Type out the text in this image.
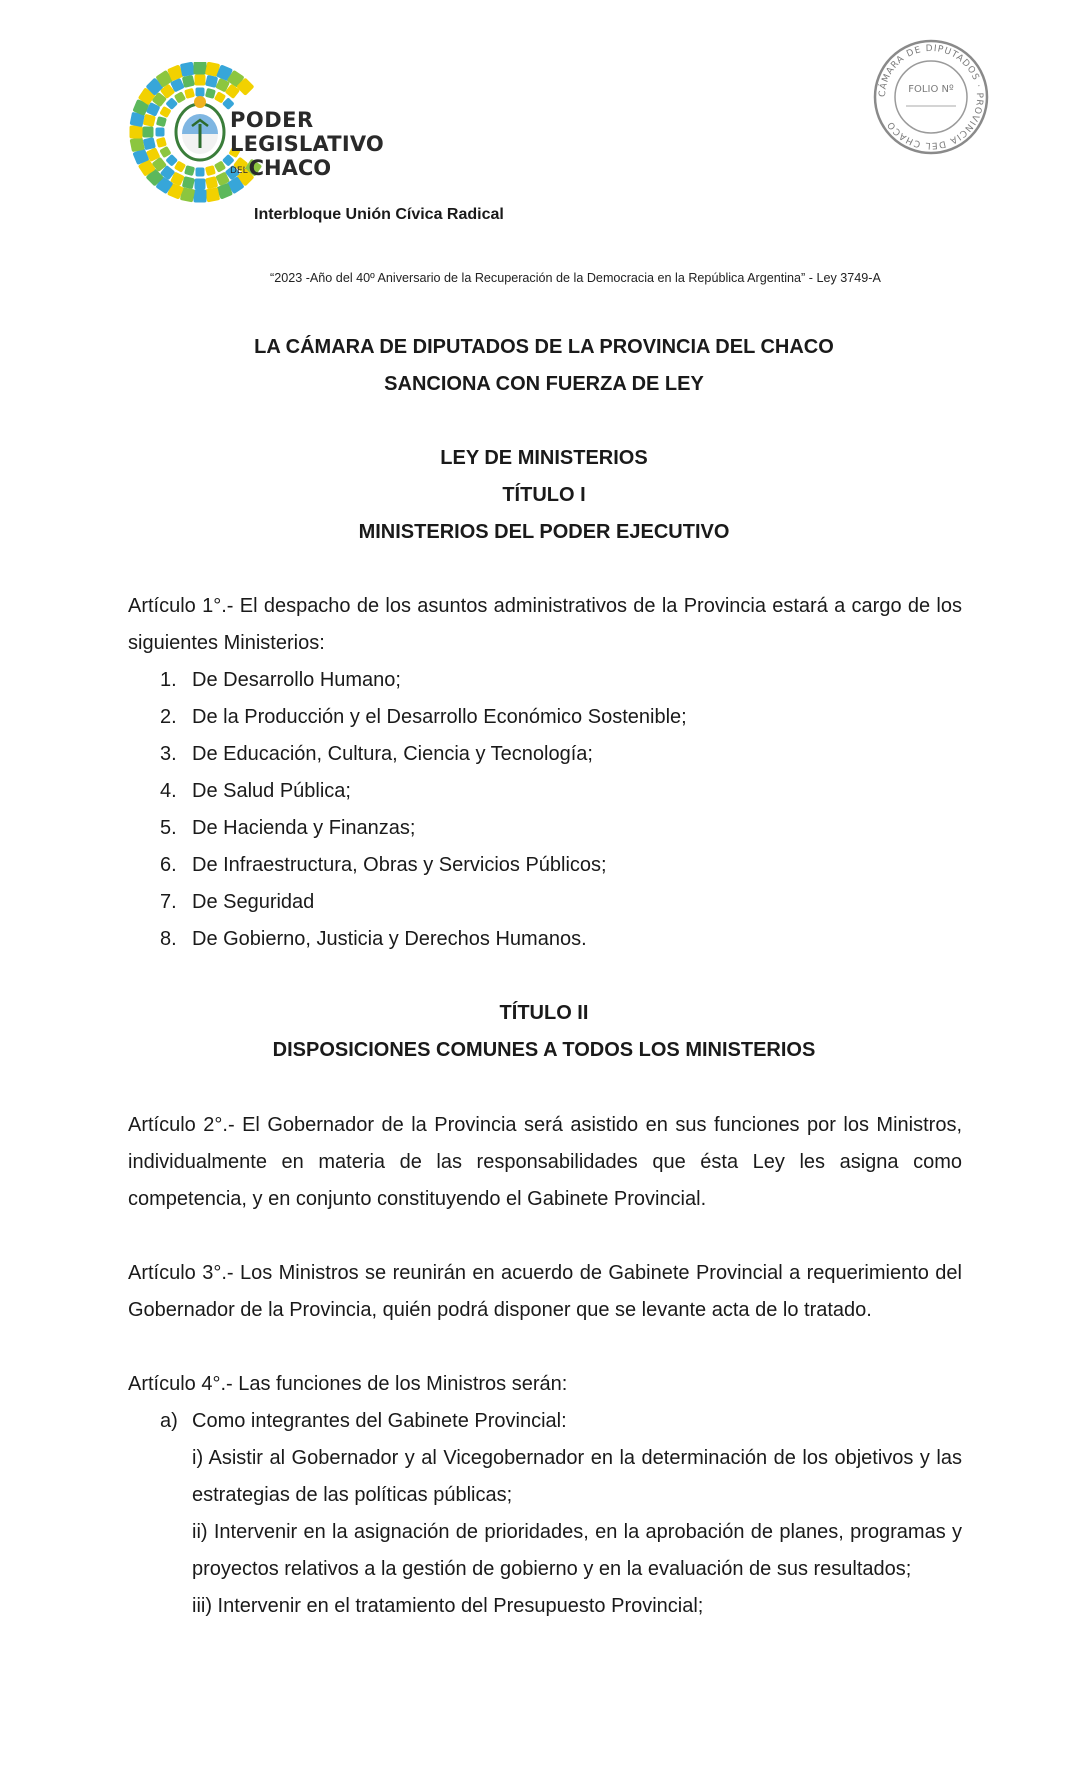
PODER
LEGISLATIVO
DELCHACO
Interbloque Unión Cívica Radical
CÁMARA DE DIPUTADOS · PROVINCIA DEL CHACO
FOLIO Nº
“2023 -Año del 40º Aniversario de la Recuperación de la Democracia en la República Argentina” - Ley 3749-A
LA CÁMARA DE DIPUTADOS DE LA PROVINCIA DEL CHACO
SANCIONA CON FUERZA DE LEY
LEY DE MINISTERIOS
TÍTULO I
MINISTERIOS DEL PODER EJECUTIVO

Artículo 1°.- El despacho de los asuntos administrativos de la Provincia estará a cargo de los siguientes Ministerios:

1. De Desarrollo Humano;
2. De la Producción y el Desarrollo Económico Sostenible;
3. De Educación, Cultura, Ciencia y Tecnología;
4. De Salud Pública;
5. De Hacienda y Finanzas;
6. De Infraestructura, Obras y Servicios Públicos;
7. De Seguridad
8. De Gobierno, Justicia y Derechos Humanos.
TÍTULO II
DISPOSICIONES COMUNES A TODOS LOS MINISTERIOS

Artículo 2°.- El Gobernador de la Provincia será asistido en sus funciones por los Ministros, individualmente en materia de las responsabilidades que ésta Ley les asigna como competencia, y en conjunto constituyendo el Gabinete Provincial.

Artículo 3°.- Los Ministros se reunirán en acuerdo de Gabinete Provincial a requerimiento del Gobernador de la Provincia, quién podrá disponer que se levante acta de lo tratado.

Artículo 4°.- Las funciones de los Ministros serán:

a) Como integrantes del Gabinete Provincial:

i) Asistir al Gobernador y al Vicegobernador en la determinación de los objetivos y las estrategias de las políticas públicas;

ii) Intervenir en la asignación de prioridades, en la aprobación de planes, programas y proyectos relativos a la gestión de gobierno y en la evaluación de sus resultados;

iii) Intervenir en el tratamiento del Presupuesto Provincial;
